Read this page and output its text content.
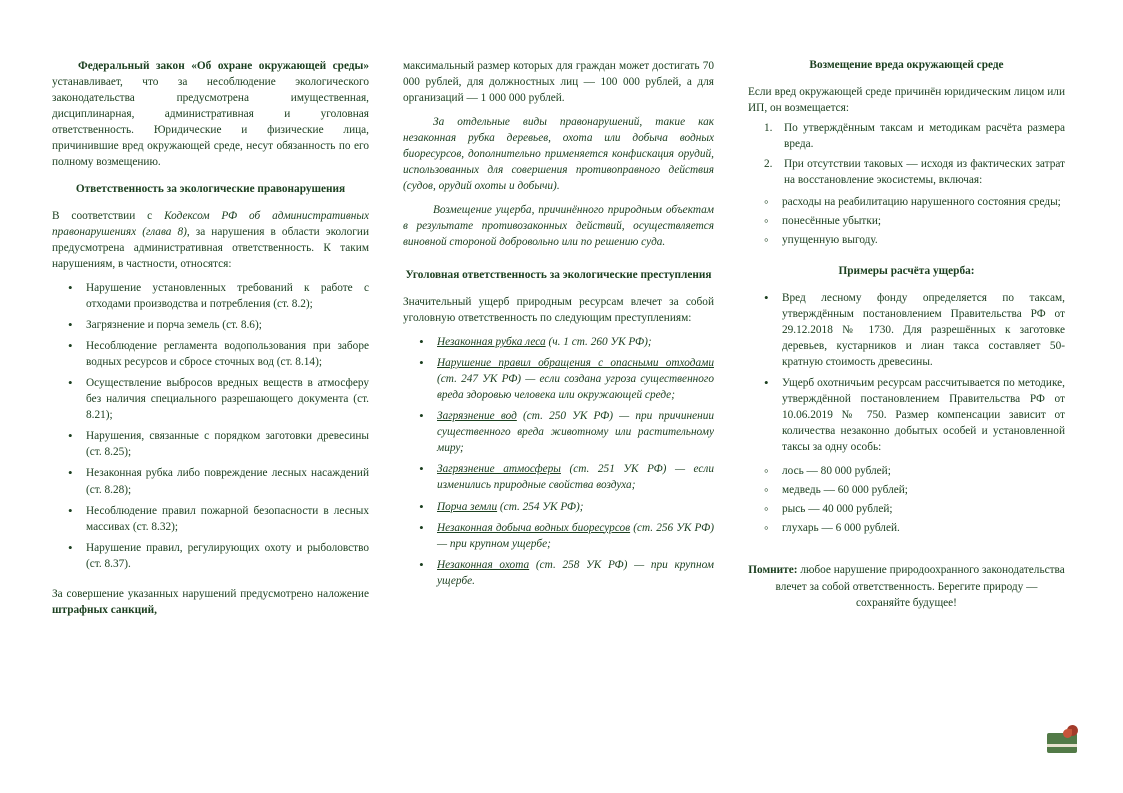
Федеральный закон «Об охране окружающей среды» устанавливает, что за несоблюдение экологического законодательства предусмотрена имущественная, дисциплинарная, административная и уголовная ответственность. Юридические и физические лица, причинившие вред окружающей среде, несут обязанность по его полному возмещению.

Ответственность за экологические правонарушения

В соответствии с Кодексом РФ об административных правонарушениях (глава 8), за нарушения в области экологии предусмотрена административная ответственность. К таким нарушениям, в частности, относятся:

• Нарушение установленных требований к работе с отходами производства и потребления (ст. 8.2);
• Загрязнение и порча земель (ст. 8.6);
• Несоблюдение регламента водопользования при заборе водных ресурсов и сбросе сточных вод (ст. 8.14);
• Осуществление выбросов вредных веществ в атмосферу без наличия специального разрешающего документа (ст. 8.21);
• Нарушения, связанные с порядком заготовки древесины (ст. 8.25);
• Незаконная рубка либо повреждение лесных насаждений (ст. 8.28);
• Несоблюдение правил пожарной безопасности в лесных массивах (ст. 8.32);
• Нарушение правил, регулирующих охоту и рыболовство (ст. 8.37).

За совершение указанных нарушений предусмотрено наложение штрафных санкций,

максимальный размер которых для граждан может достигать 70 000 рублей, для должностных лиц — 100 000 рублей, а для организаций — 1 000 000 рублей.

За отдельные виды правонарушений, такие как незаконная рубка деревьев, охота или добыча водных биоресурсов, дополнительно применяется конфискация орудий, использованных для совершения противоправного действия (судов, орудий охоты и добычи).

Возмещение ущерба, причинённого природным объектам в результате противозаконных действий, осуществляется виновной стороной добровольно или по решению суда.

Уголовная ответственность за экологические преступления

Значительный ущерб природным ресурсам влечет за собой уголовную ответственность по следующим преступлениям:

• Незаконная рубка леса (ч. 1 ст. 260 УК РФ);
• Нарушение правил обращения с опасными отходами (ст. 247 УК РФ) — если создана угроза существенного вреда здоровью человека или окружающей среде;
• Загрязнение вод (ст. 250 УК РФ) — при причинении существенного вреда животному или растительному миру;
• Загрязнение атмосферы (ст. 251 УК РФ) — если изменились природные свойства воздуха;
• Порча земли (ст. 254 УК РФ);
• Незаконная добыча водных биоресурсов (ст. 256 УК РФ) — при крупном ущербе;
• Незаконная охота (ст. 258 УК РФ) — при крупном ущербе.

Возмещение вреда окружающей среде

Если вред окружающей среде причинён юридическим лицом или ИП, он возмещается:

По утверждённым таксам и методикам расчёта размера вреда.
При отсутствии таковых — исходя из фактических затрат на восстановление экосистемы, включая:
◦ расходы на реабилитацию нарушенного состояния среды;
◦ понесённые убытки;
◦ упущенную выгоду.

Примеры расчёта ущерба:

• Вред лесному фонду определяется по таксам, утверждённым постановлением Правительства РФ от 29.12.2018 № 1730. Для разрешённых к заготовке деревьев, кустарников и лиан такса составляет 50-кратную стоимость древесины.
• Ущерб охотничьим ресурсам рассчитывается по методике, утверждённой постановлением Правительства РФ от 10.06.2019 № 750. Размер компенсации зависит от количества незаконно добытых особей и установленной таксы за одну особь:
◦ лось — 80 000 рублей;
◦ медведь — 60 000 рублей;
◦ рысь — 40 000 рублей;
◦ глухарь — 6 000 рублей.

Помните: любое нарушение природоохранного законодательства влечет за собой ответственность. Берегите природу — сохраняйте будущее!
